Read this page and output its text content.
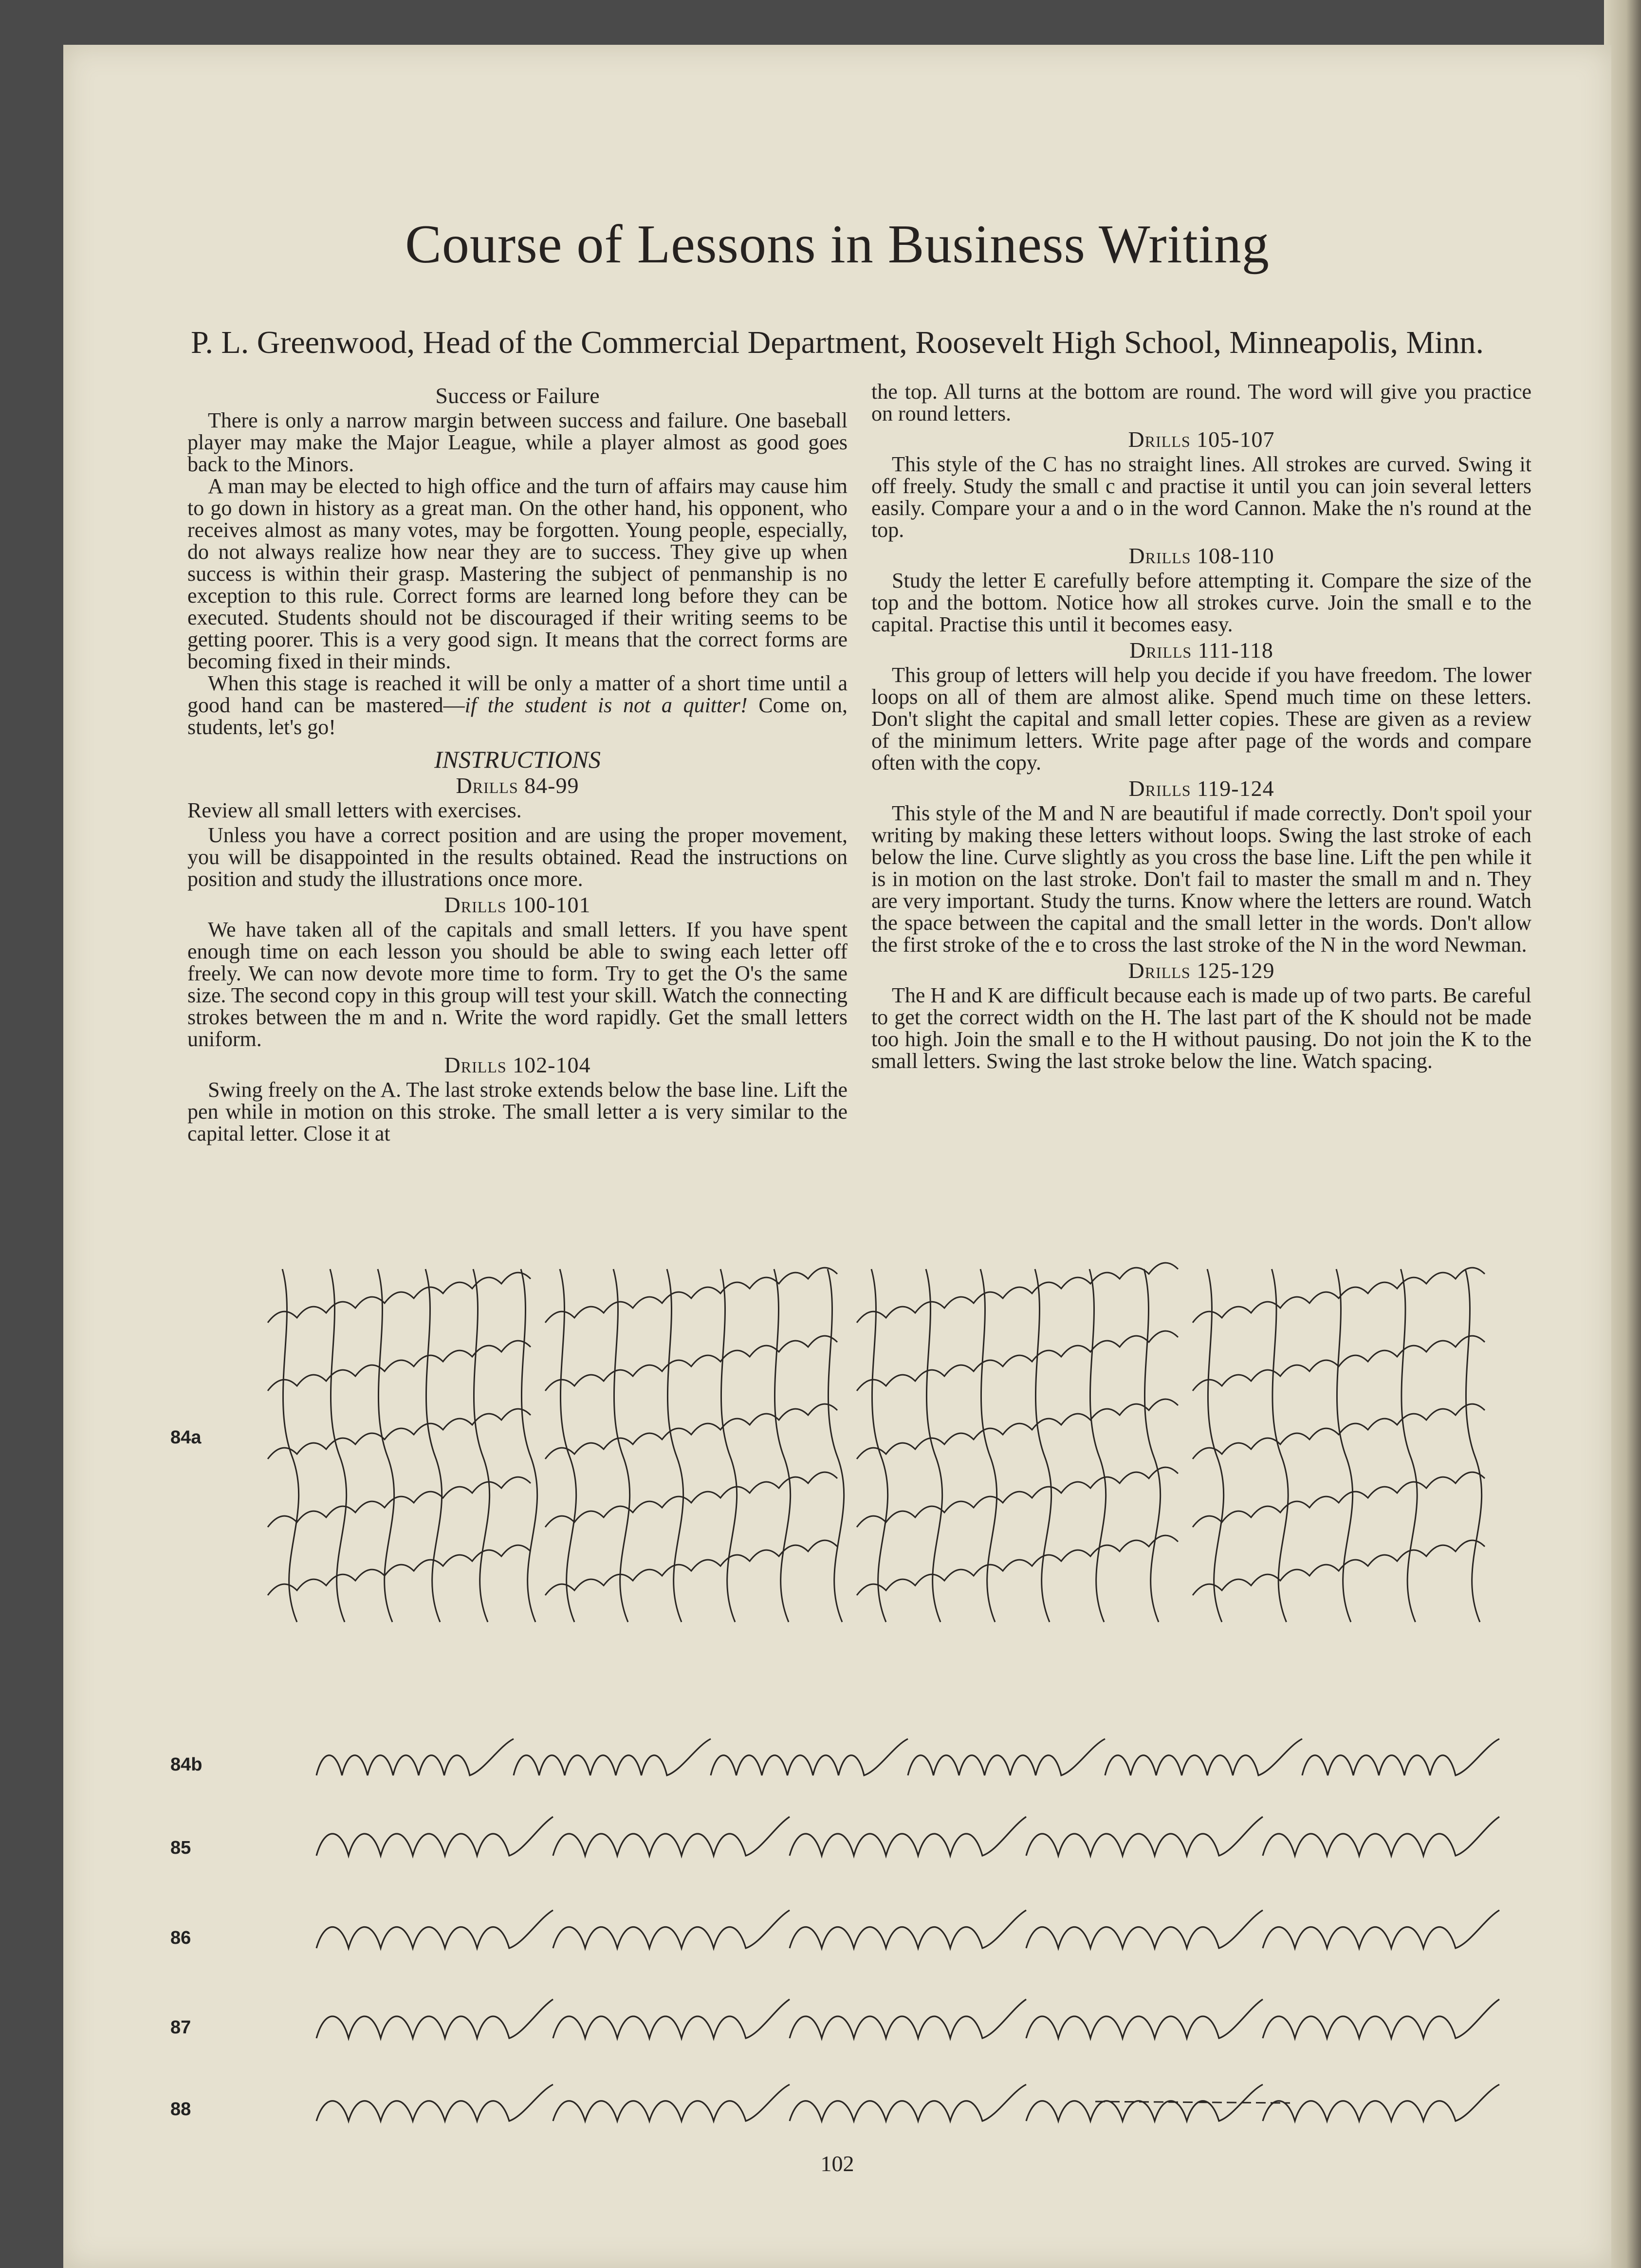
Course of Lessons in Business Writing
P. L. Greenwood, Head of the Commercial Department, Roosevelt High School, Minneapolis, Minn.
Success or Failure

There is only a narrow margin between success and failure. One baseball player may make the Major League, while a player almost as good goes back to the Minors.

A man may be elected to high office and the turn of affairs may cause him to go down in history as a great man. On the other hand, his opponent, who receives almost as many votes, may be forgotten. Young people, especially, do not always realize how near they are to success. They give up when success is within their grasp. Mastering the subject of penmanship is no exception to this rule. Correct forms are learned long before they can be executed. Students should not be discouraged if their writing seems to be getting poorer. This is a very good sign. It means that the correct forms are becoming fixed in their minds.

When this stage is reached it will be only a matter of a short time until a good hand can be mastered—if the student is not a quitter! Come on, students, let's go!

INSTRUCTIONS
Drills 84-99

Review all small letters with exercises.

Unless you have a correct position and are using the proper movement, you will be disappointed in the results obtained. Read the instructions on position and study the illustrations once more.

Drills 100-101

We have taken all of the capitals and small letters. If you have spent enough time on each lesson you should be able to swing each letter off freely. We can now devote more time to form. Try to get the O's the same size. The second copy in this group will test your skill. Watch the connecting strokes between the m and n. Write the word rapidly. Get the small letters uniform.

Drills 102-104

Swing freely on the A. The last stroke extends below the base line. Lift the pen while in motion on this stroke. The small letter a is very similar to the capital letter. Close it at

the top. All turns at the bottom are round. The word will give you practice on round letters.

Drills 105-107

This style of the C has no straight lines. All strokes are curved. Swing it off freely. Study the small c and practise it until you can join several letters easily. Compare your a and o in the word Cannon. Make the n's round at the top.

Drills 108-110

Study the letter E carefully before attempting it. Compare the size of the top and the bottom. Notice how all strokes curve. Join the small e to the capital. Practise this until it becomes easy.

Drills 111-118

This group of letters will help you decide if you have freedom. The lower loops on all of them are almost alike. Spend much time on these letters. Don't slight the capital and small letter copies. These are given as a review of the minimum letters. Write page after page of the words and compare often with the copy.

Drills 119-124

This style of the M and N are beautiful if made correctly. Don't spoil your writing by making these letters without loops. Swing the last stroke of each below the line. Curve slightly as you cross the base line. Lift the pen while it is in motion on the last stroke. Don't fail to master the small m and n. They are very important. Study the turns. Know where the letters are round. Watch the space between the capital and the small letter in the words. Don't allow the first stroke of the e to cross the last stroke of the N in the word Newman.

Drills 125-129

The H and K are difficult because each is made up of two parts. Be careful to get the correct width on the H. The last part of the K should not be made too high. Join the small e to the H without pausing. Do not join the K to the small letters. Swing the last stroke below the line. Watch spacing.

84a
84b
85
86
87
88
102
